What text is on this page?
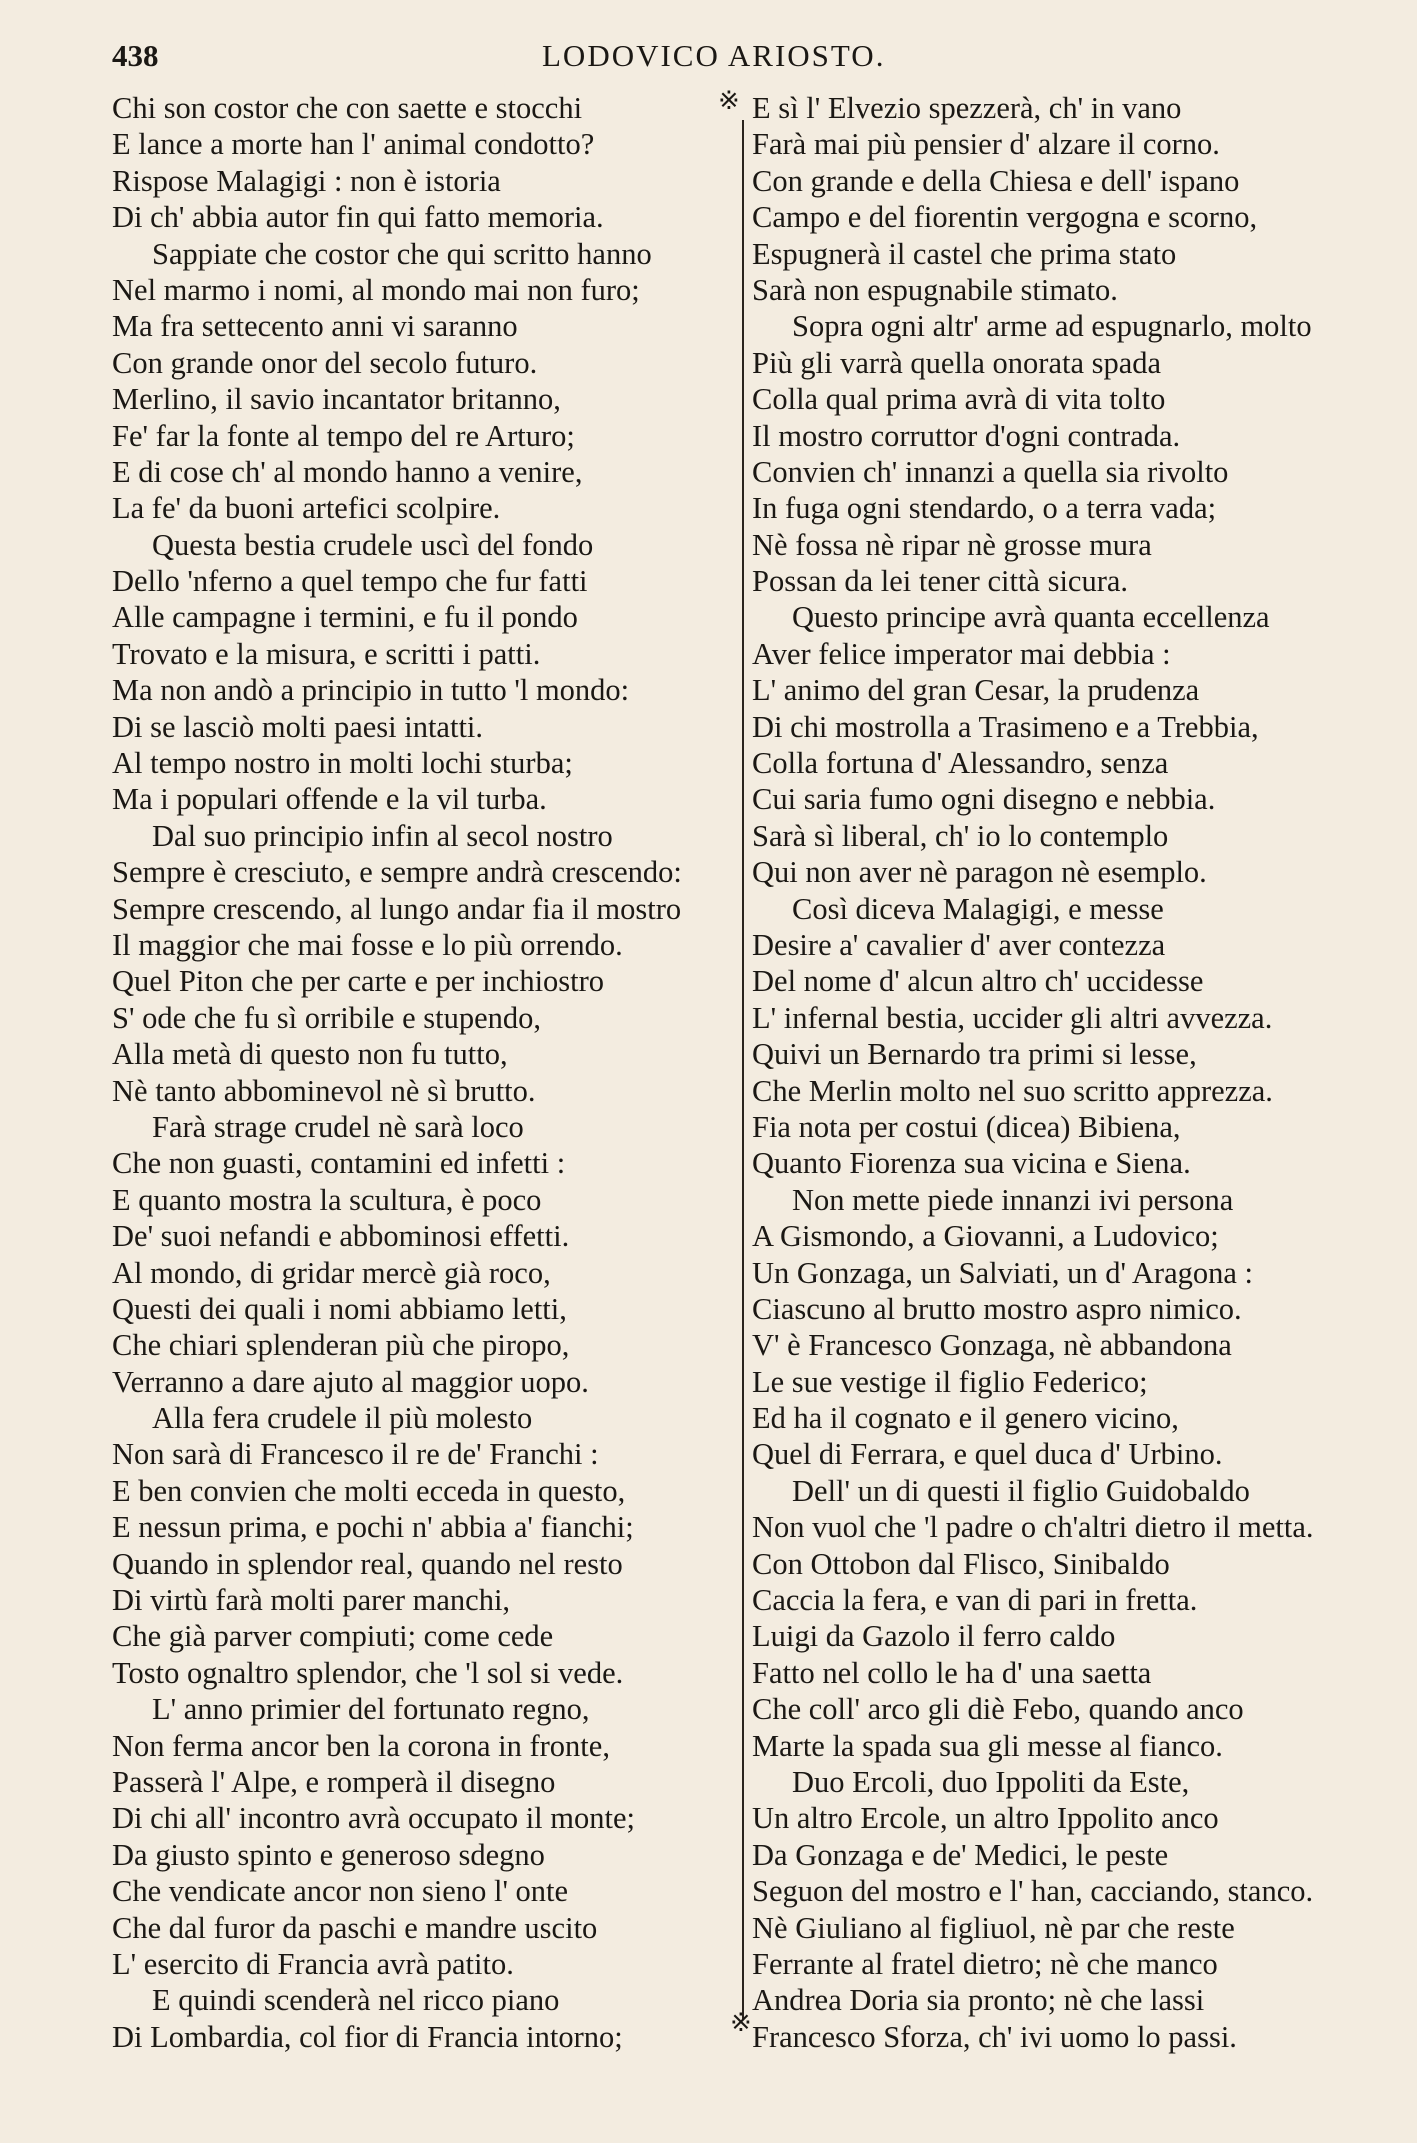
438	LODOVICO ARIOSTO.
※
※
Chi son costor che con saette e stocchi
E lance a morte han l' animal condotto?
Rispose Malagigi : non è istoria
Di ch' abbia autor fin qui fatto memoria.
Sappiate che costor che qui scritto hanno
Nel marmo i nomi, al mondo mai non furo;
Ma fra settecento anni vi saranno
Con grande onor del secolo futuro.
Merlino, il savio incantator britanno,
Fe' far la fonte al tempo del re Arturo;
E di cose ch' al mondo hanno a venire,
La fe' da buoni artefici scolpire.
Questa bestia crudele uscì del fondo
Dello 'nferno a quel tempo che fur fatti
Alle campagne i termini, e fu il pondo
Trovato e la misura, e scritti i patti.
Ma non andò a principio in tutto 'l mondo:
Di se lasciò molti paesi intatti.
Al tempo nostro in molti lochi sturba;
Ma i populari offende e la vil turba.
Dal suo principio infin al secol nostro
Sempre è cresciuto, e sempre andrà crescendo:
Sempre crescendo, al lungo andar fia il mostro
Il maggior che mai fosse e lo più orrendo.
Quel Piton che per carte e per inchiostro
S' ode che fu sì orribile e stupendo,
Alla metà di questo non fu tutto,
Nè tanto abbominevol nè sì brutto.
Farà strage crudel nè sarà loco
Che non guasti, contamini ed infetti :
E quanto mostra la scultura, è poco
De' suoi nefandi e abbominosi effetti.
Al mondo, di gridar mercè già roco,
Questi dei quali i nomi abbiamo letti,
Che chiari splenderan più che piropo,
Verranno a dare ajuto al maggior uopo.
Alla fera crudele il più molesto
Non sarà di Francesco il re de' Franchi :
E ben convien che molti ecceda in questo,
E nessun prima, e pochi n' abbia a' fianchi;
Quando in splendor real, quando nel resto
Di virtù farà molti parer manchi,
Che già parver compiuti; come cede
Tosto ognaltro splendor, che 'l sol si vede.
L' anno primier del fortunato regno,
Non ferma ancor ben la corona in fronte,
Passerà l' Alpe, e romperà il disegno
Di chi all' incontro avrà occupato il monte;
Da giusto spinto e generoso sdegno
Che vendicate ancor non sieno l' onte
Che dal furor da paschi e mandre uscito
L' esercito di Francia avrà patito.
E quindi scenderà nel ricco piano
Di Lombardia, col fior di Francia intorno;
E sì l' Elvezio spezzerà, ch' in vano
Farà mai più pensier d' alzare il corno.
Con grande e della Chiesa e dell' ispano
Campo e del fiorentin vergogna e scorno,
Espugnerà il castel che prima stato
Sarà non espugnabile stimato.
Sopra ogni altr' arme ad espugnarlo, molto
Più gli varrà quella onorata spada
Colla qual prima avrà di vita tolto
Il mostro corruttor d'ogni contrada.
Convien ch' innanzi a quella sia rivolto
In fuga ogni stendardo, o a terra vada;
Nè fossa nè ripar nè grosse mura
Possan da lei tener città sicura.
Questo principe avrà quanta eccellenza
Aver felice imperator mai debbia :
L' animo del gran Cesar, la prudenza
Di chi mostrolla a Trasimeno e a Trebbia,
Colla fortuna d' Alessandro, senza
Cui saria fumo ogni disegno e nebbia.
Sarà sì liberal, ch' io lo contemplo
Qui non aver nè paragon nè esemplo.
Così diceva Malagigi, e messe
Desire a' cavalier d' aver contezza
Del nome d' alcun altro ch' uccidesse
L' infernal bestia, uccider gli altri avvezza.
Quivi un Bernardo tra primi si lesse,
Che Merlin molto nel suo scritto apprezza.
Fia nota per costui (dicea) Bibiena,
Quanto Fiorenza sua vicina e Siena.
Non mette piede innanzi ivi persona
A Gismondo, a Giovanni, a Ludovico;
Un Gonzaga, un Salviati, un d' Aragona :
Ciascuno al brutto mostro aspro nimico.
V' è Francesco Gonzaga, nè abbandona
Le sue vestige il figlio Federico;
Ed ha il cognato e il genero vicino,
Quel di Ferrara, e quel duca d' Urbino.
Dell' un di questi il figlio Guidobaldo
Non vuol che 'l padre o ch'altri dietro il metta.
Con Ottobon dal Flisco, Sinibaldo
Caccia la fera, e van di pari in fretta.
Luigi da Gazolo il ferro caldo
Fatto nel collo le ha d' una saetta
Che coll' arco gli diè Febo, quando anco
Marte la spada sua gli messe al fianco.
Duo Ercoli, duo Ippoliti da Este,
Un altro Ercole, un altro Ippolito anco
Da Gonzaga e de' Medici, le peste
Seguon del mostro e l' han, cacciando, stanco.
Nè Giuliano al figliuol, nè par che reste
Ferrante al fratel dietro; nè che manco
Andrea Doria sia pronto; nè che lassi
Francesco Sforza, ch' ivi uomo lo passi.
